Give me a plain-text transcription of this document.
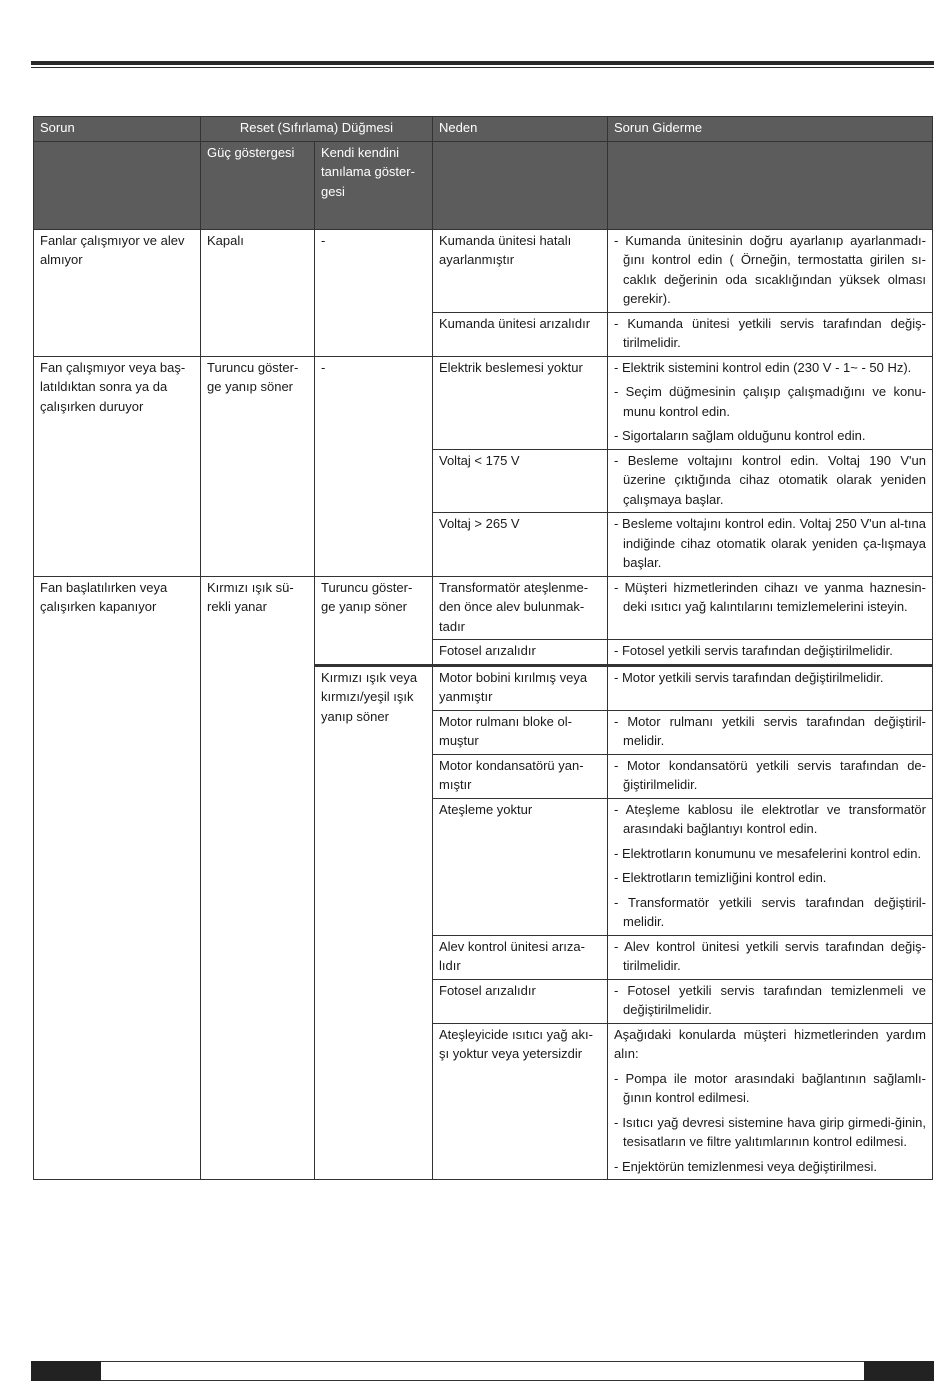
Sorun	Reset (Sıfırlama) Düğmesi		Neden	Sorun Giderme
	Güç göstergesi	Kendi kendini tanılama göster-gesi		
Fanlar çalışmıyor ve alev almıyor	Kapalı	-	Kumanda ünitesi hatalı ayarlanmıştır	- Kumanda ünitesinin doğru ayarlanıp ayarlanmadı-ğını kontrol edin ( Örneğin, termostatta girilen sı-caklık değerinin oda sıcaklığından yüksek olması gerekir).

			Kumanda ünitesi arızalıdır	- Kumanda ünitesi yetkili servis tarafından değiş-tirilmelidir.

Fan çalışmıyor veya baş-latıldıktan sonra ya da çalışırken duruyor	Turuncu göster-ge yanıp söner	-	Elektrik beslemesi yoktur	- Elektrik sistemini kontrol edin (230 V - 1~ - 50 Hz).
- Seçim düğmesinin çalışıp çalışmadığını ve konu-munu kontrol edin.
- Sigortaların sağlam olduğunu kontrol edin.

			Voltaj < 175 V	- Besleme voltajını kontrol edin. Voltaj 190 V'un üzerine çıktığında cihaz otomatik olarak yeniden çalışmaya başlar.

			Voltaj > 265 V	- Besleme voltajını kontrol edin. Voltaj 250 V'un al-tına indiğinde cihaz otomatik olarak yeniden ça-lışmaya başlar.

Fan başlatılırken veya çalışırken kapanıyor	Kırmızı ışık sü-rekli yanar	Turuncu göster-ge yanıp söner	Transformatör ateşlenme-den önce alev bulunmak-tadır	- Müşteri hizmetlerinden cihazı ve yanma haznesin-deki ısıtıcı yağ kalıntılarını temizlemelerini isteyin.

			Fotosel arızalıdır	- Fotosel yetkili servis tarafından değiştirilmelidir.

		Kırmızı ışık veya kırmızı/yeşil ışık yanıp söner	Motor bobini kırılmış veya yanmıştır	- Motor yetkili servis tarafından değiştirilmelidir.

			Motor rulmanı bloke ol-muştur	- Motor rulmanı yetkili servis tarafından değiştiril-melidir.

			Motor kondansatörü yan-mıştır	- Motor kondansatörü yetkili servis tarafından de-ğiştirilmelidir.

			Ateşleme yoktur	- Ateşleme kablosu ile elektrotlar ve transformatör arasındaki bağlantıyı kontrol edin.
- Elektrotların konumunu ve mesafelerini kontrol edin.
- Elektrotların temizliğini kontrol edin.
- Transformatör yetkili servis tarafından değiştiril-melidir.

			Alev kontrol ünitesi arıza-lıdır	- Alev kontrol ünitesi yetkili servis tarafından değiş-tirilmelidir.

			Fotosel arızalıdır	- Fotosel yetkili servis tarafından temizlenmeli ve değiştirilmelidir.

			Ateşleyicide ısıtıcı yağ akı-şı yoktur veya yetersizdir	Aşağıdaki konularda müşteri hizmetlerinden yardım alın:
- Pompa ile motor arasındaki bağlantının sağlamlı-ğının kontrol edilmesi.
- Isıtıcı yağ devresi sistemine hava girip girmedi-ğinin, tesisatların ve filtre yalıtımlarının kontrol edilmesi.
- Enjektörün temizlenmesi veya değiştirilmesi.
